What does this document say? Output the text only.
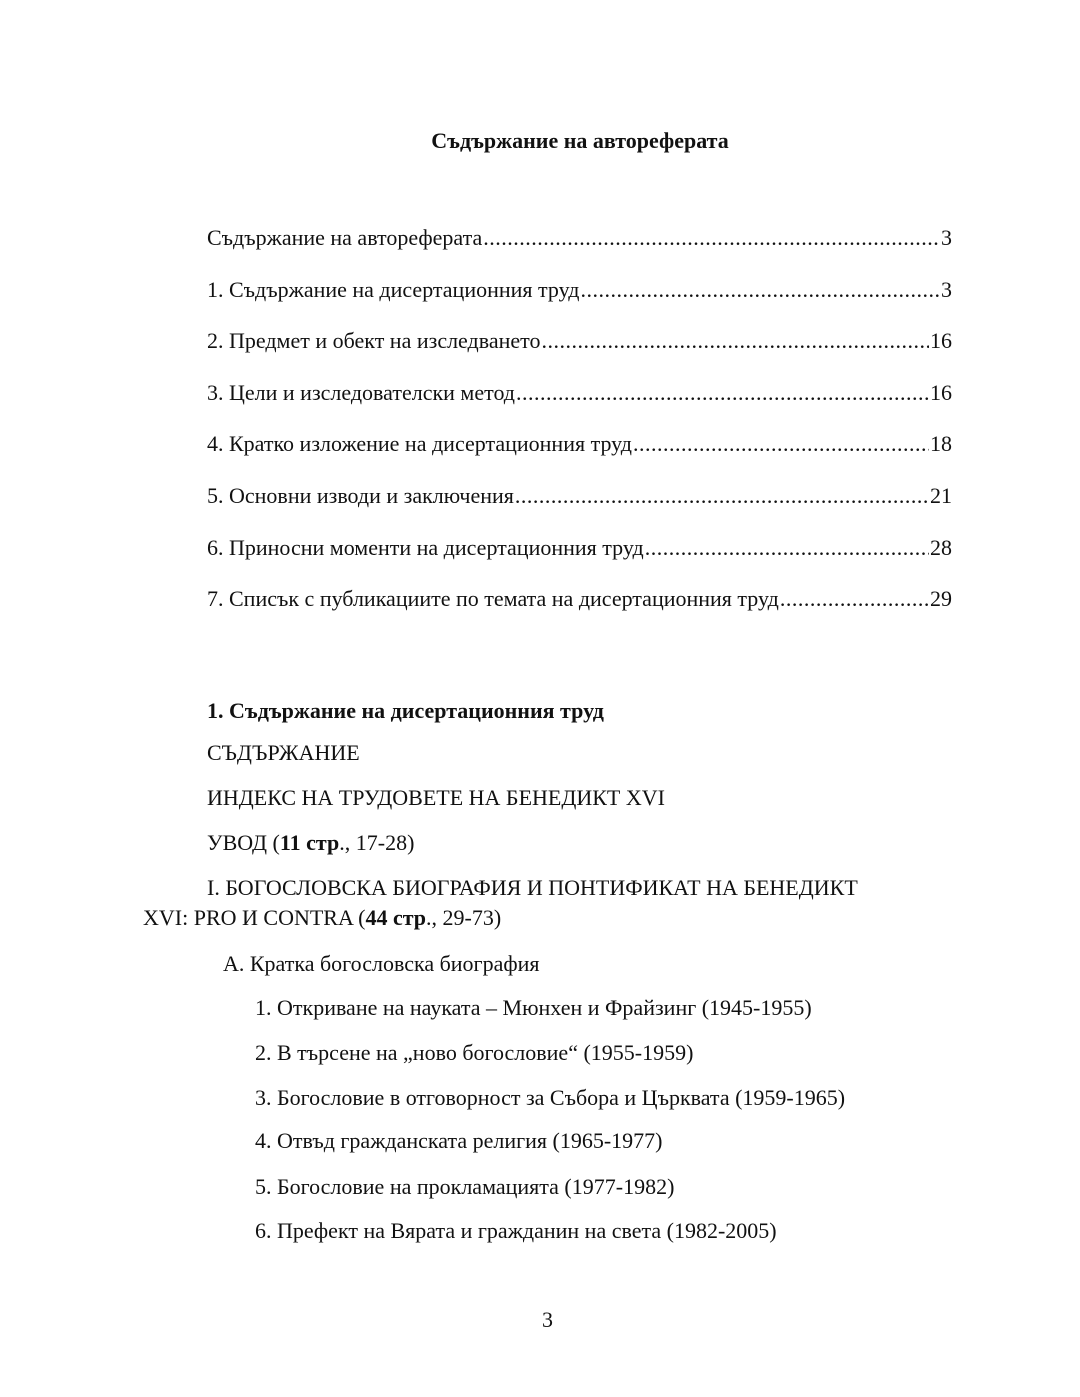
Съдържание на автореферата
Съдържание на автореферата .....	3
1. Съдържание на дисертационния труд .....	3
2. Предмет и обект на изследването .....	16
3. Цели и изследователски метод .....	16
4. Кратко изложение на дисертационния труд .....	18
5. Основни изводи и заключения .....	21
6. Приносни моменти на дисертационния труд .....	28
7. Списък с публикациите по темата на дисертационния труд .....	29
1. Съдържание на дисертационния труд
СЪДЪРЖАНИЕ
ИНДЕКС НА ТРУДОВЕТЕ НА БЕНЕДИКТ XVI
УВОД (11 стр., 17-28)
I. БОГОСЛОВСКА БИОГРАФИЯ И ПОНТИФИКАТ НА БЕНЕДИКТ
XVI: PRO И CONTRA (44 стр., 29-73)
А. Кратка богословска биография
1. Откриване на науката – Мюнхен и Фрайзинг (1945-1955)
2. В търсене на „ново богословие“ (1955-1959)
3. Богословие в отговорност за Събора и Църквата (1959-1965)
4. Отвъд гражданската религия (1965-1977)
5. Богословие на прокламацията (1977-1982)
6. Префект на Вярата и гражданин на света (1982-2005)
3
